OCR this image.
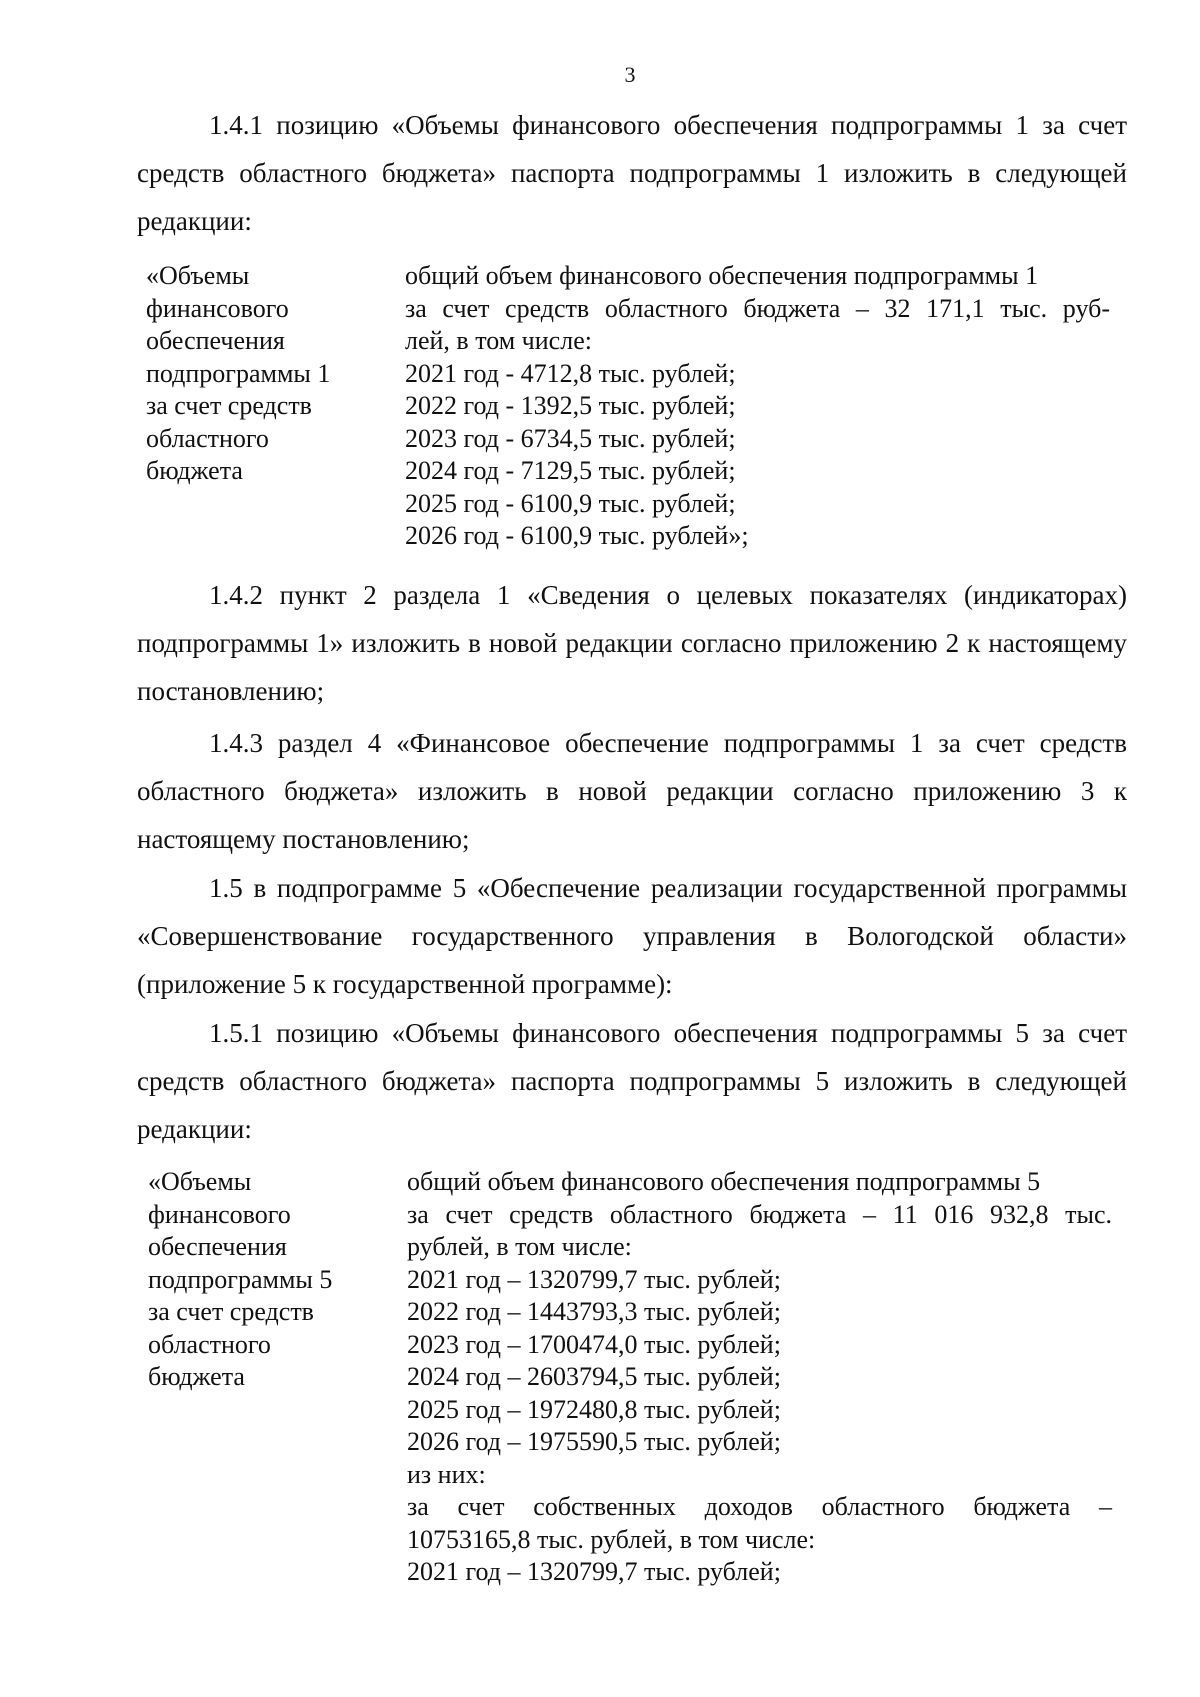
3

1.4.1 позицию «Объемы финансового обеспечения подпрограммы 1 за счет средств областного бюджета» паспорта подпрограммы 1 изложить в следующей редакции:

«Объемы
финансового
обеспечения
подпрограммы 1
за счет средств
областного
бюджета
общий объем финансового обеспечения подпрограммы 1
за счет средств областного бюджета – 32 171,1 тыс. руб-
лей, в том числе:
2021 год - 4712,8 тыс. рублей;
2022 год - 1392,5 тыс. рублей;
2023 год - 6734,5 тыс. рублей;
2024 год - 7129,5 тыс. рублей;
2025 год - 6100,9 тыс. рублей;
2026 год - 6100,9 тыс. рублей»;

1.4.2 пункт 2 раздела 1 «Сведения о целевых показателях (индикаторах) подпрограммы 1» изложить в новой редакции согласно приложению 2 к настоящему постановлению;

1.4.3 раздел 4 «Финансовое обеспечение подпрограммы 1 за счет средств областного бюджета» изложить в новой редакции согласно приложению 3 к настоящему постановлению;

1.5 в подпрограмме 5 «Обеспечение реализации государственной программы «Совершенствование государственного управления в Вологодской области» (приложение 5 к государственной программе):

1.5.1 позицию «Объемы финансового обеспечения подпрограммы 5 за счет средств областного бюджета» паспорта подпрограммы 5 изложить в следующей редакции:

«Объемы
финансового
обеспечения
подпрограммы 5
за счет средств
областного
бюджета
общий объем финансового обеспечения подпрограммы 5
за счет средств областного бюджета – 11 016 932,8 тыс.
рублей, в том числе:
2021 год – 1320799,7 тыс. рублей;
2022 год – 1443793,3 тыс. рублей;
2023 год – 1700474,0 тыс. рублей;
2024 год – 2603794,5 тыс. рублей;
2025 год – 1972480,8 тыс. рублей;
2026 год – 1975590,5 тыс. рублей;
из них:
за счет собственных доходов областного бюджета –
10753165,8 тыс. рублей, в том числе:
2021 год – 1320799,7 тыс. рублей;
